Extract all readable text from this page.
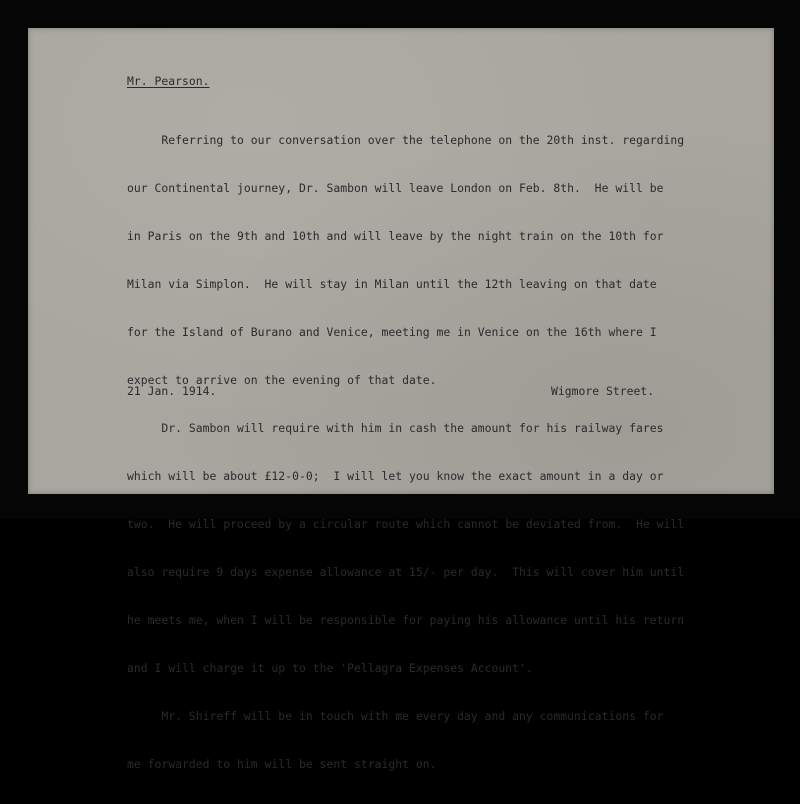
Mr. Pearson.

Referring to our conversation over the telephone on the 20th inst. regarding

our Continental journey, Dr. Sambon will leave London on Feb. 8th.  He will be

in Paris on the 9th and 10th and will leave by the night train on the 10th for

Milan via Simplon.  He will stay in Milan until the 12th leaving on that date

for the Island of Burano and Venice, meeting me in Venice on the 16th where I

expect to arrive on the evening of that date.

Dr. Sambon will require with him in cash the amount for his railway fares

which will be about £12-0-0;  I will let you know the exact amount in a day or

two.  He will proceed by a circular route which cannot be deviated from.  He will

also require 9 days expense allowance at 15/- per day.  This will cover him until

he meets me, when I will be responsible for paying his allowance until his return

and I will charge it up to the 'Pellagra Expenses Account'.

Mr. Shireff will be in touch with me every day and any communications for

me forwarded to him will be sent straight on.

21 Jan. 1914.	Wigmore Street.
